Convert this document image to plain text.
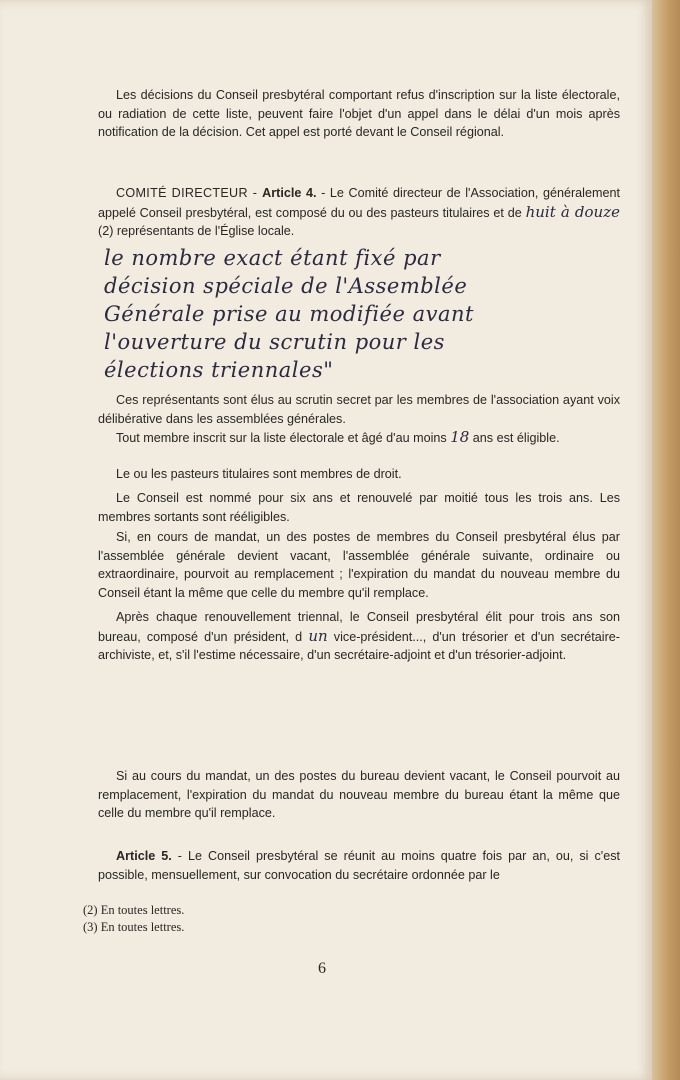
Les décisions du Conseil presbytéral comportant refus d'inscription sur la liste électorale, ou radiation de cette liste, peuvent faire l'objet d'un appel dans le délai d'un mois après notification de la décision. Cet appel est porté devant le Conseil régional.

COMITÉ DIRECTEUR - Article 4. - Le Comité directeur de l'Association, généralement appelé Conseil presbytéral, est composé du ou des pasteurs titulaires et de huit à douze (2) représentants de l'Église locale.

le nombre exact étant fixé par
décision spéciale de l'Assemblée
Générale prise au modifiée avant
l'ouverture du scrutin pour les
élections triennales"

Ces représentants sont élus au scrutin secret par les membres de l'association ayant voix délibérative dans les assemblées générales.

Tout membre inscrit sur la liste électorale et âgé d'au moins 18 ans est éligible.

Le ou les pasteurs titulaires sont membres de droit.

Le Conseil est nommé pour six ans et renouvelé par moitié tous les trois ans. Les membres sortants sont rééligibles.

Si, en cours de mandat, un des postes de membres du Conseil presbytéral élus par l'assemblée générale devient vacant, l'assemblée générale suivante, ordinaire ou extraordinaire, pourvoit au remplacement ; l'expiration du mandat du nouveau membre du Conseil étant la même que celle du membre qu'il remplace.

Après chaque renouvellement triennal, le Conseil presbytéral élit pour trois ans son bureau, composé d'un président, d un vice-président..., d'un trésorier et d'un secrétaire-archiviste, et, s'il l'estime nécessaire, d'un secrétaire-adjoint et d'un trésorier-adjoint.

Si au cours du mandat, un des postes du bureau devient vacant, le Conseil pourvoit au remplacement, l'expiration du mandat du nouveau membre du bureau étant la même que celle du membre qu'il remplace.

Article 5. - Le Conseil presbytéral se réunit au moins quatre fois par an, ou, si c'est possible, mensuellement, sur convocation du secrétaire ordonnée par le

(2) En toutes lettres.
(3) En toutes lettres.
6
